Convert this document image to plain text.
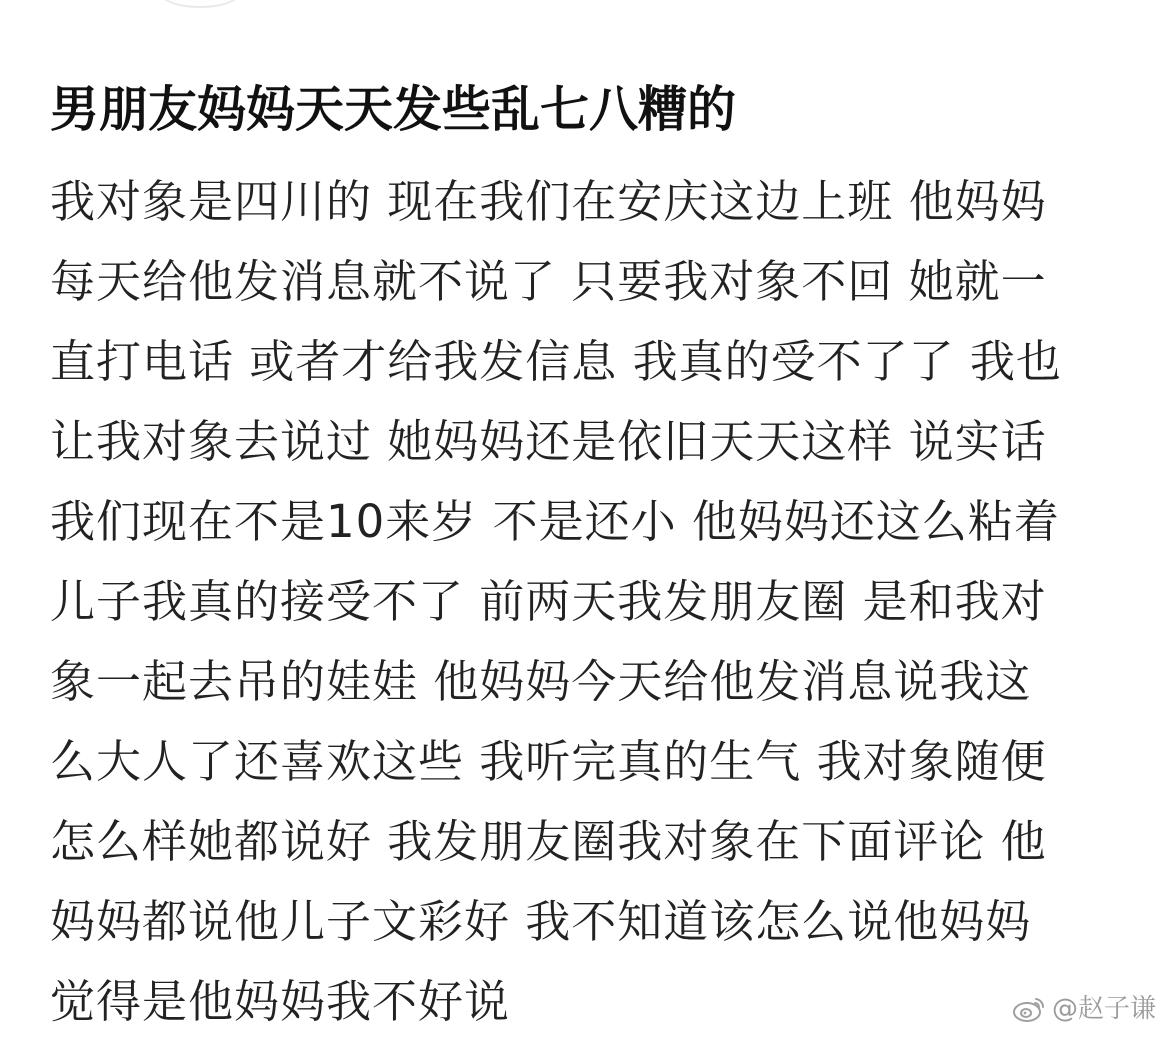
男朋友妈妈天天发些乱七八糟的
我对象是四川的 现在我们在安庆这边上班 他妈妈
每天给他发消息就不说了 只要我对象不回 她就一
直打电话 或者才给我发信息 我真的受不了了 我也
让我对象去说过 她妈妈还是依旧天天这样 说实话
我们现在不是10来岁 不是还小 他妈妈还这么粘着
儿子我真的接受不了 前两天我发朋友圈 是和我对
象一起去吊的娃娃 他妈妈今天给他发消息说我这
么大人了还喜欢这些 我听完真的生气 我对象随便
怎么样她都说好 我发朋友圈我对象在下面评论 他
妈妈都说他儿子文彩好 我不知道该怎么说他妈妈
觉得是他妈妈我不好说	@赵子谦
